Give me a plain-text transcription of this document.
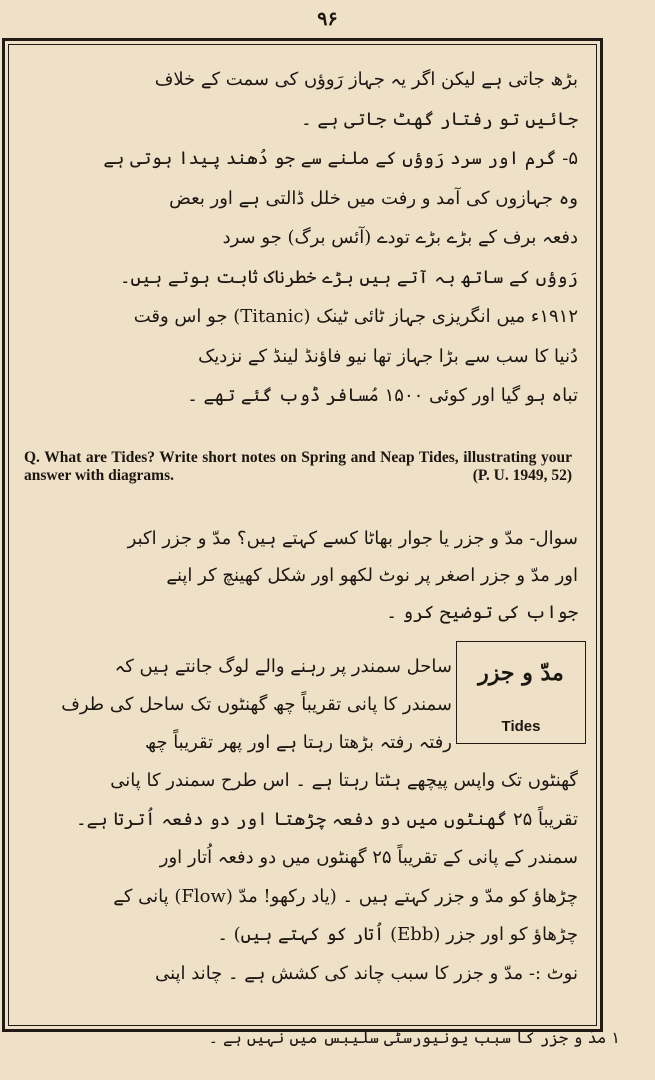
۹۶

بڑھ جاتی ہے لیکن اگر یہ جہاز رَوؤں کی سمت کے خلاف

جائیں تو رفتار گھٹ جاتی ہے ۔

۵- گرم اور سرد رَوؤں کے ملنے سے جو دُھند پیدا ہوتی ہے

وہ جہازوں کی آمد و رفت میں خلل ڈالتی ہے اور بعض

دفعہ برف کے بڑے بڑے تودے (آئس برگ) جو سرد

رَوؤں کے ساتھ بہ آتے ہیں بڑے خطرناک ثابت ہوتے ہیں۔

۱۹۱۲ء میں انگریزی جہاز ٹائی ٹینک (Titanic) جو اس وقت

دُنیا کا سب سے بڑا جہاز تھا نیو فاؤنڈ لینڈ کے نزدیک

تباہ ہو گیا اور کوئی ۱۵۰۰ مُسافر ڈوب گئے تھے ۔

Q. What are Tides? Write short notes on Spring and Neap Tides, illustrating your answer with diagrams.	(P. U. 1949, 52)

سوال- مدّ و جزر یا جوار بھاٹا کسے کہتے ہیں؟ مدّ و جزر اکبر

اور مدّ و جزر اصغر پر نوٹ لکھو اور شکل کھینچ کر اپنے

جواب کی توضیح کرو ۔

مدّ و جزر
Tides

ساحل سمندر پر رہنے والے لوگ جانتے ہیں کہ

سمندر کا پانی تقریباً چھ گھنٹوں تک ساحل کی طرف

رفتہ رفتہ بڑھتا رہتا ہے اور پھر تقریباً چھ

گھنٹوں تک واپس پیچھے ہٹتا رہتا ہے ۔ اس طرح سمندر کا پانی

تقریباً ۲۵ گھنٹوں میں دو دفعہ چڑھتا اور دو دفعہ اُترتا ہے۔

سمندر کے پانی کے تقریباً ۲۵ گھنٹوں میں دو دفعہ اُتار اور

چڑھاؤ کو مدّ و جزر کہتے ہیں ۔ (یاد رکھو! مدّ (Flow) پانی کے

چڑھاؤ کو اور جزر (Ebb) اُتار کو کہتے ہیں) ۔

نوٹ :- مدّ و جزر کا سبب چاند کی کشش ہے ۔ چاند اپنی

۱ مدّ و جزر کا سبب یونیورسٹی سلیبس میں نہیں ہے ۔
